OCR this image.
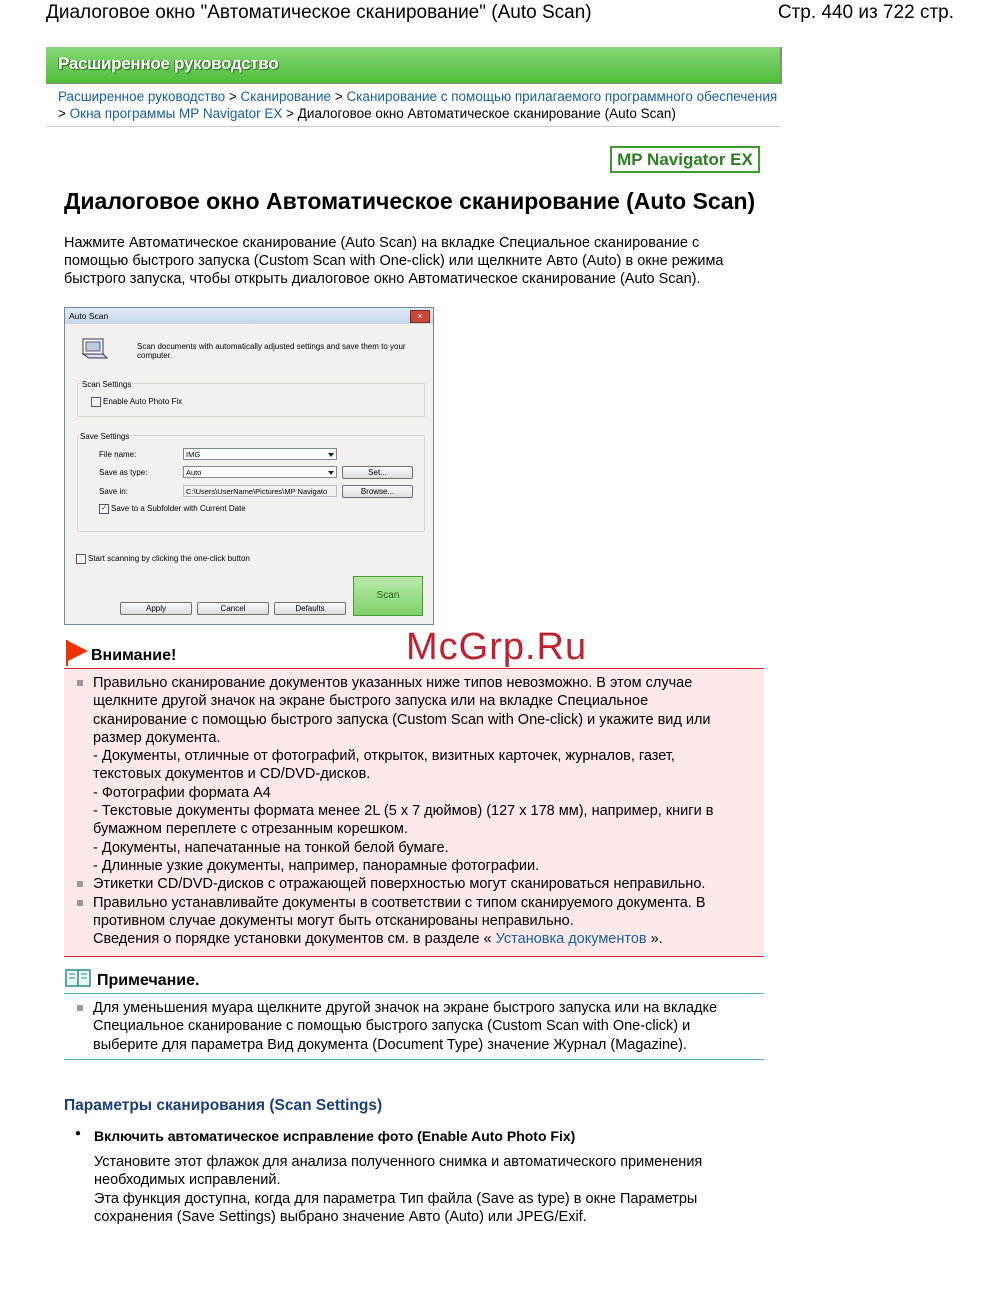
Диалоговое окно "Автоматическое сканирование" (Auto Scan)	Стр. 440 из 722 стр.
Расширенное руководство
Расширенное руководство > Сканирование > Сканирование с помощью прилагаемого программного обеспечения > Окна программы MP Navigator EX > Диалоговое окно Автоматическое сканирование (Auto Scan)
MP Navigator EX
Диалоговое окно Автоматическое сканирование (Auto Scan)
Нажмите Автоматическое сканирование (Auto Scan) на вкладке Специальное сканирование с помощью быстрого запуска (Custom Scan with One-click) или щелкните Авто (Auto) в окне режима быстрого запуска, чтобы открыть диалоговое окно Автоматическое сканирование (Auto Scan).
Auto Scan	×
Scan documents with automatically adjusted settings and save them to your computer.
Scan Settings
Enable Auto Photo Fix
Save Settings
File name:	IMG
Save as type:	Auto	Set...
Save in:	C:\Users\UserName\Pictures\MP Navigato	Browse...
✓ Save to a Subfolder with Current Date
Start scanning by clicking the one-click button
Apply	Cancel	Defaults
Scan
McGrp.Ru
Внимание!
Правильно сканирование документов указанных ниже типов невозможно. В этом случае щелкните другой значок на экране быстрого запуска или на вкладке Специальное сканирование с помощью быстрого запуска (Custom Scan with One-click) и укажите вид или размер документа.
- Документы, отличные от фотографий, открыток, визитных карточек, журналов, газет, текстовых документов и CD/DVD-дисков.
- Фотографии формата A4
- Текстовые документы формата менее 2L (5 x 7 дюймов) (127 x 178 мм), например, книги в бумажном переплете с отрезанным корешком.
- Документы, напечатанные на тонкой белой бумаге.
- Длинные узкие документы, например, панорамные фотографии.
Этикетки CD/DVD-дисков с отражающей поверхностью могут сканироваться неправильно.
Правильно устанавливайте документы в соответствии с типом сканируемого документа. В противном случае документы могут быть отсканированы неправильно.
Сведения о порядке установки документов см. в разделе « Установка документов ».
Примечание.
Для уменьшения муара щелкните другой значок на экране быстрого запуска или на вкладке Специальное сканирование с помощью быстрого запуска (Custom Scan with One-click) и выберите для параметра Вид документа (Document Type) значение Журнал (Magazine).
Параметры сканирования (Scan Settings)
● Включить автоматическое исправление фото (Enable Auto Photo Fix)
Установите этот флажок для анализа полученного снимка и автоматического применения необходимых исправлений.
Эта функция доступна, когда для параметра Тип файла (Save as type) в окне Параметры сохранения (Save Settings) выбрано значение Авто (Auto) или JPEG/Exif.
